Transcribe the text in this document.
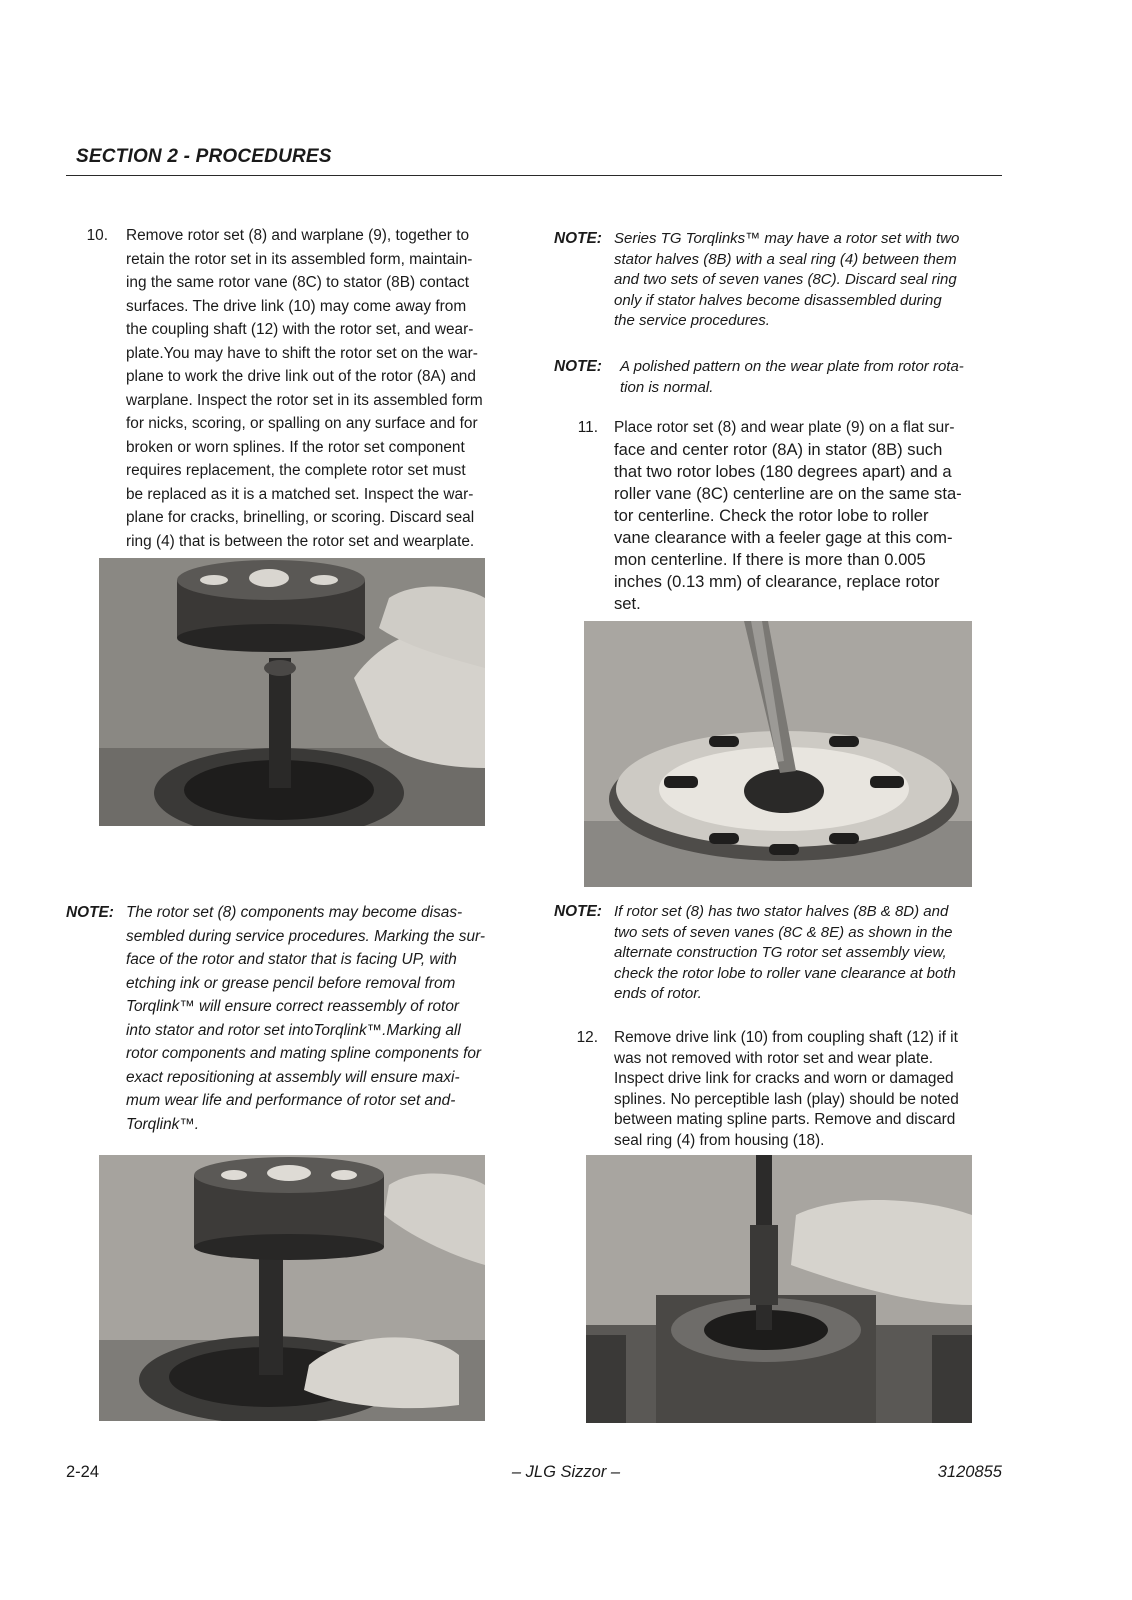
SECTION 2 - PROCEDURES
10. Remove rotor set (8) and warplane (9), together to
retain the rotor set in its assembled form, maintain-
ing the same rotor vane (8C) to stator (8B) contact
surfaces. The drive link (10) may come away from
the coupling shaft (12) with the rotor set, and wear-
plate.You may have to shift the rotor set on the war-
plane to work the drive link out of the rotor (8A) and
warplane. Inspect the rotor set in its assembled form
for nicks, scoring, or spalling on any surface and for
broken or worn splines. If the rotor set component
requires replacement, the complete rotor set must
be replaced as it is a matched set. Inspect the war-
plane for cracks, brinelling, or scoring. Discard seal
ring (4) that is between the rotor set and wearplate.
NOTE: The rotor set (8) components may become disas-
sembled during service procedures. Marking the sur-
face of the rotor and stator that is facing UP, with
etching ink or grease pencil before removal from
Torqlink™ will ensure correct reassembly of rotor
into stator and rotor set intoTorqlink™.Marking all
rotor components and mating spline components for
exact repositioning at assembly will ensure maxi-
mum wear life and performance of rotor set and-
Torqlink™.
NOTE: Series TG Torqlinks™ may have a rotor set with two
stator halves (8B) with a seal ring (4) between them
and two sets of seven vanes (8C). Discard seal ring
only if stator halves become disassembled during
the service procedures.
NOTE: A polished pattern on the wear plate from rotor rota-
tion is normal.
11. Place rotor set (8) and wear plate (9) on a flat sur-
face and center rotor (8A) in stator (8B) such
that two rotor lobes (180 degrees apart) and a
roller vane (8C) centerline are on the same sta-
tor centerline. Check the rotor lobe to roller
vane clearance with a feeler gage at this com-
mon centerline. If there is more than 0.005
inches (0.13 mm) of clearance, replace rotor
set.
NOTE: If rotor set (8) has two stator halves (8B & 8D) and
two sets of seven vanes (8C & 8E) as shown in the
alternate construction TG rotor set assembly view,
check the rotor lobe to roller vane clearance at both
ends of rotor.
12. Remove drive link (10) from coupling shaft (12) if it
was not removed with rotor set and wear plate.
Inspect drive link for cracks and worn or damaged
splines. No perceptible lash (play) should be noted
between mating spline parts. Remove and discard
seal ring (4) from housing (18).
2-24	– JLG Sizzor –	3120855
